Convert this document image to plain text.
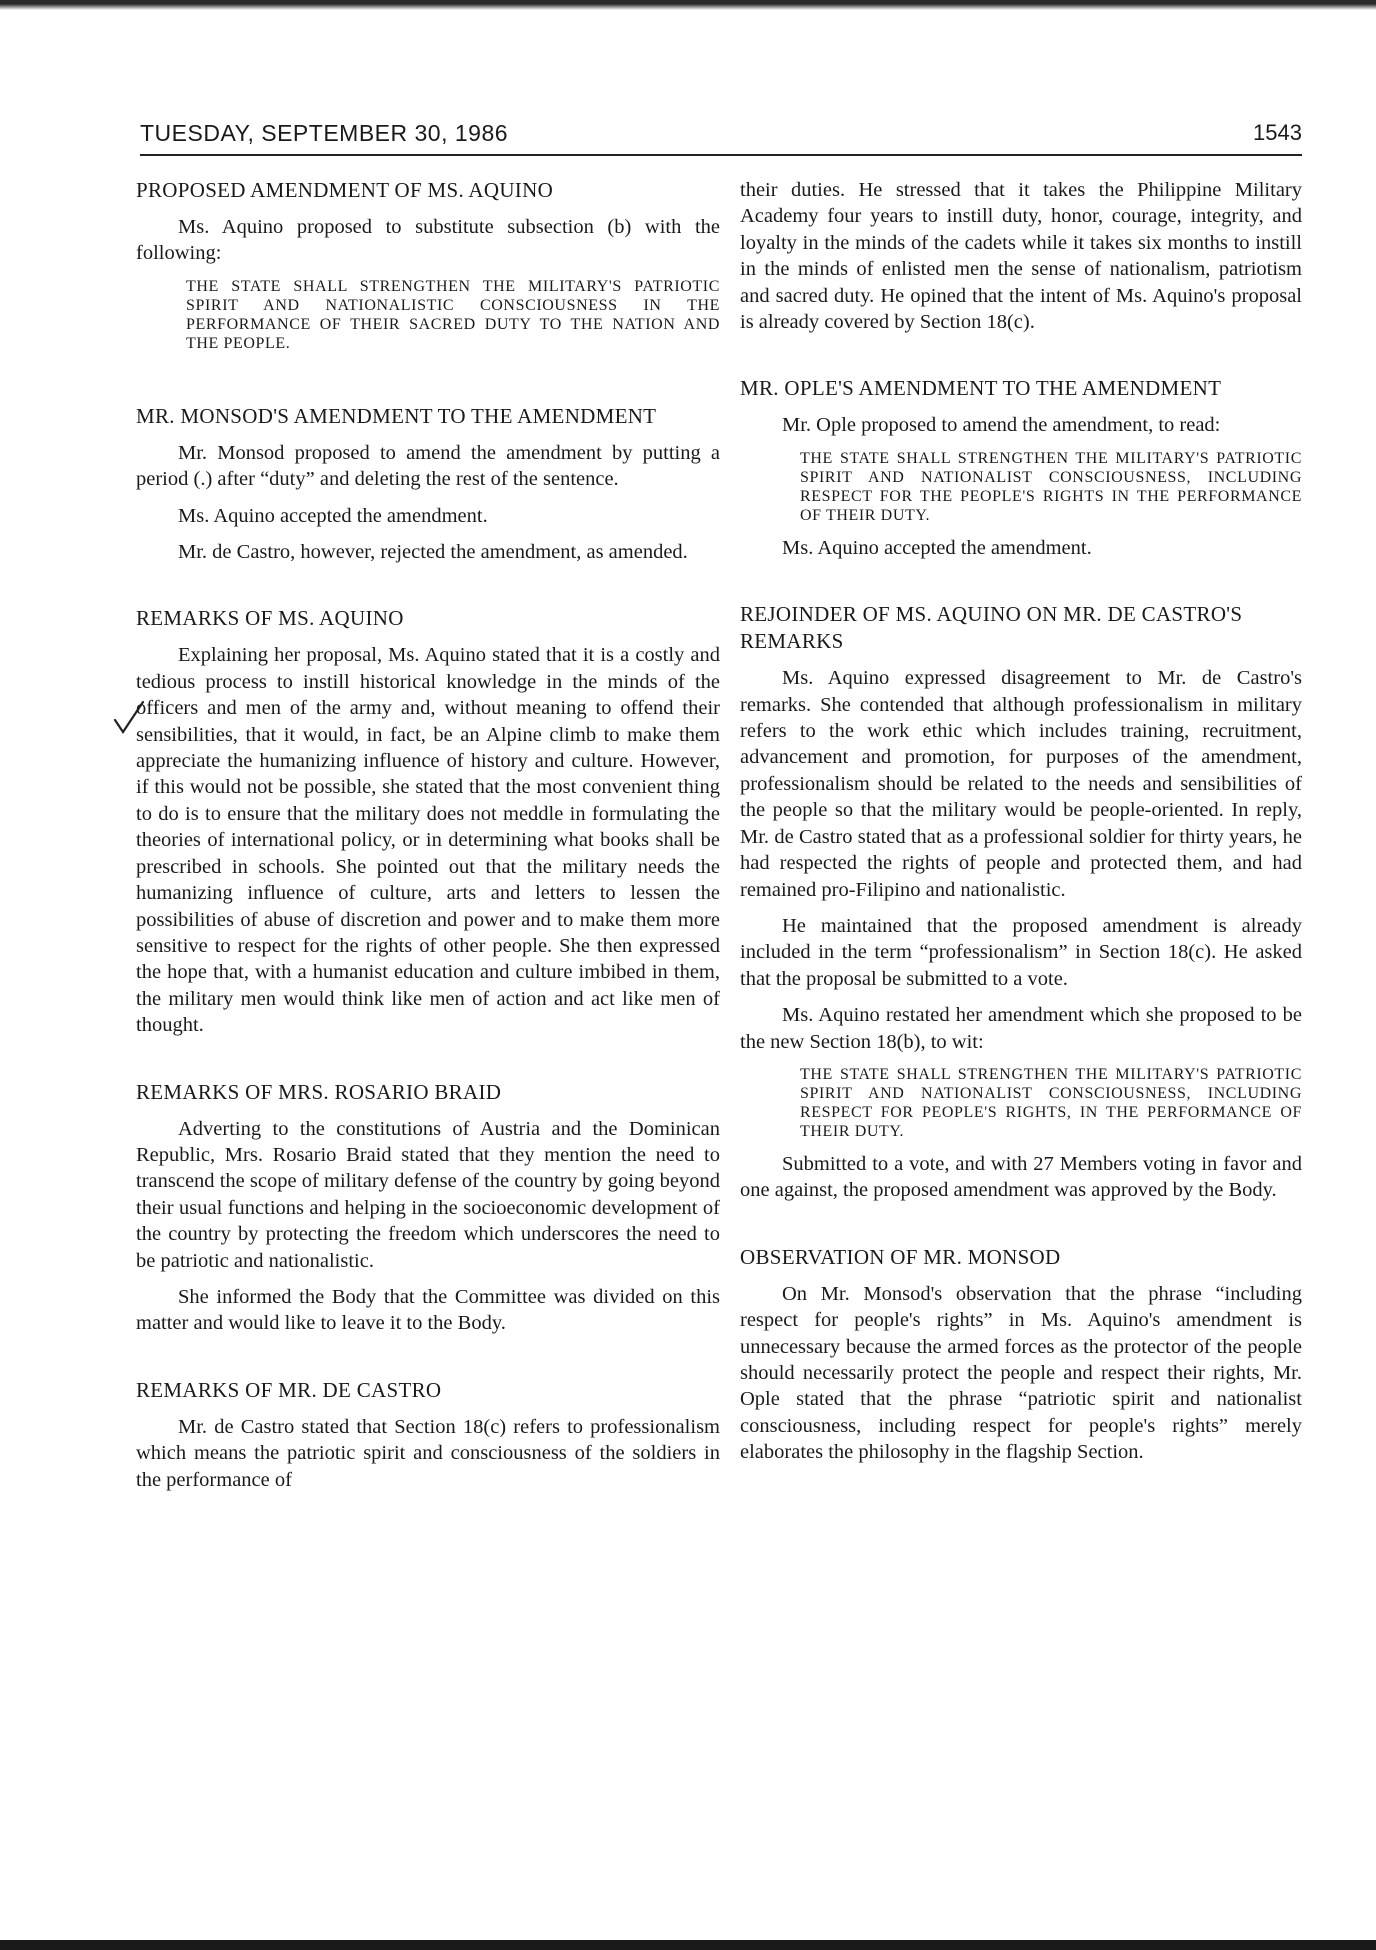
TUESDAY, SEPTEMBER 30, 1986	1543
PROPOSED AMENDMENT OF MS. AQUINO
Ms. Aquino proposed to substitute subsection (b) with the following:
THE STATE SHALL STRENGTHEN THE MILITARY'S PATRIOTIC SPIRIT AND NATIONALISTIC CONSCIOUSNESS IN THE PERFORMANCE OF THEIR SACRED DUTY TO THE NATION AND THE PEOPLE.
MR. MONSOD'S AMENDMENT TO THE AMENDMENT
Mr. Monsod proposed to amend the amendment by putting a period (.) after “duty” and deleting the rest of the sentence.
Ms. Aquino accepted the amendment.
Mr. de Castro, however, rejected the amendment, as amended.
REMARKS OF MS. AQUINO
Explaining her proposal, Ms. Aquino stated that it is a costly and tedious process to instill historical knowledge in the minds of the officers and men of the army and, without meaning to offend their sensibilities, that it would, in fact, be an Alpine climb to make them appreciate the humanizing influence of history and culture. However, if this would not be possible, she stated that the most convenient thing to do is to ensure that the military does not meddle in formulating the theories of international policy, or in determining what books shall be prescribed in schools. She pointed out that the military needs the humanizing influence of culture, arts and letters to lessen the possibilities of abuse of discretion and power and to make them more sensitive to respect for the rights of other people. She then expressed the hope that, with a humanist education and culture imbibed in them, the military men would think like men of action and act like men of thought.
REMARKS OF MRS. ROSARIO BRAID
Adverting to the constitutions of Austria and the Dominican Republic, Mrs. Rosario Braid stated that they mention the need to transcend the scope of military defense of the country by going beyond their usual functions and helping in the socioeconomic development of the country by protecting the freedom which underscores the need to be patriotic and nationalistic.
She informed the Body that the Committee was divided on this matter and would like to leave it to the Body.
REMARKS OF MR. DE CASTRO
Mr. de Castro stated that Section 18(c) refers to professionalism which means the patriotic spirit and consciousness of the soldiers in the performance of
their duties. He stressed that it takes the Philippine Military Academy four years to instill duty, honor, courage, integrity, and loyalty in the minds of the cadets while it takes six months to instill in the minds of enlisted men the sense of nationalism, patriotism and sacred duty. He opined that the intent of Ms. Aquino's proposal is already covered by Section 18(c).
MR. OPLE'S AMENDMENT TO THE AMENDMENT
Mr. Ople proposed to amend the amendment, to read:
THE STATE SHALL STRENGTHEN THE MILITARY'S PATRIOTIC SPIRIT AND NATIONALIST CONSCIOUSNESS, INCLUDING RESPECT FOR THE PEOPLE'S RIGHTS IN THE PERFORMANCE OF THEIR DUTY.
Ms. Aquino accepted the amendment.
REJOINDER OF MS. AQUINO ON MR. DE CASTRO'S REMARKS
Ms. Aquino expressed disagreement to Mr. de Castro's remarks. She contended that although professionalism in military refers to the work ethic which includes training, recruitment, advancement and promotion, for purposes of the amendment, professionalism should be related to the needs and sensibilities of the people so that the military would be people-oriented. In reply, Mr. de Castro stated that as a professional soldier for thirty years, he had respected the rights of people and protected them, and had remained pro-Filipino and nationalistic.
He maintained that the proposed amendment is already included in the term “professionalism” in Section 18(c). He asked that the proposal be submitted to a vote.
Ms. Aquino restated her amendment which she proposed to be the new Section 18(b), to wit:
THE STATE SHALL STRENGTHEN THE MILITARY'S PATRIOTIC SPIRIT AND NATIONALIST CONSCIOUSNESS, INCLUDING RESPECT FOR PEOPLE'S RIGHTS, IN THE PERFORMANCE OF THEIR DUTY.
Submitted to a vote, and with 27 Members voting in favor and one against, the proposed amendment was approved by the Body.
OBSERVATION OF MR. MONSOD
On Mr. Monsod's observation that the phrase “including respect for people's rights” in Ms. Aquino's amendment is unnecessary because the armed forces as the protector of the people should necessarily protect the people and respect their rights, Mr. Ople stated that the phrase “patriotic spirit and nationalist consciousness, including respect for people's rights” merely elaborates the philosophy in the flagship Section.
